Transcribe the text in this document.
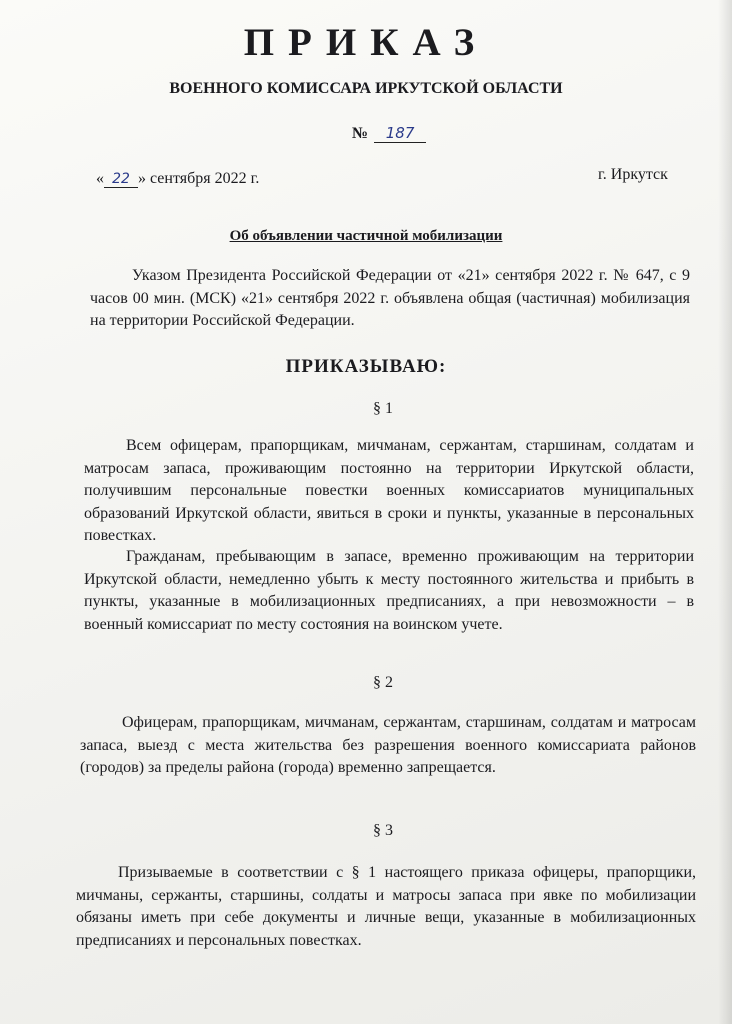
ПРИКАЗ
ВОЕННОГО КОМИССАРА ИРКУТСКОЙ ОБЛАСТИ
№ 187
« 22 » сентября 2022 г.	г. Иркутск
Об объявлении частичной мобилизации

Указом Президента Российской Федерации от «21» сентября 2022 г. № 647, с 9 часов 00 мин. (МСК) «21» сентября 2022 г. объявлена общая (частичная) мобилизация на территории Российской Федерации.

ПРИКАЗЫВАЮ:
§ 1

Всем офицерам, прапорщикам, мичманам, сержантам, старшинам, солдатам и матросам запаса, проживающим постоянно на территории Иркутской области, получившим персональные повестки военных комиссариатов муниципальных образований Иркутской области, явиться в сроки и пункты, указанные в персональных повестках.

Гражданам, пребывающим в запасе, временно проживающим на территории Иркутской области, немедленно убыть к месту постоянного жительства и прибыть в пункты, указанные в мобилизационных предписаниях, а при невозможности – в военный комиссариат по месту состояния на воинском учете.

§ 2

Офицерам, прапорщикам, мичманам, сержантам, старшинам, солдатам и матросам запаса, выезд с места жительства без разрешения военного комиссариата районов (городов) за пределы района (города) временно запрещается.

§ 3

Призываемые в соответствии с § 1 настоящего приказа офицеры, прапорщики, мичманы, сержанты, старшины, солдаты и матросы запаса при явке по мобилизации обязаны иметь при себе документы и личные вещи, указанные в мобилизационных предписаниях и персональных повестках.
